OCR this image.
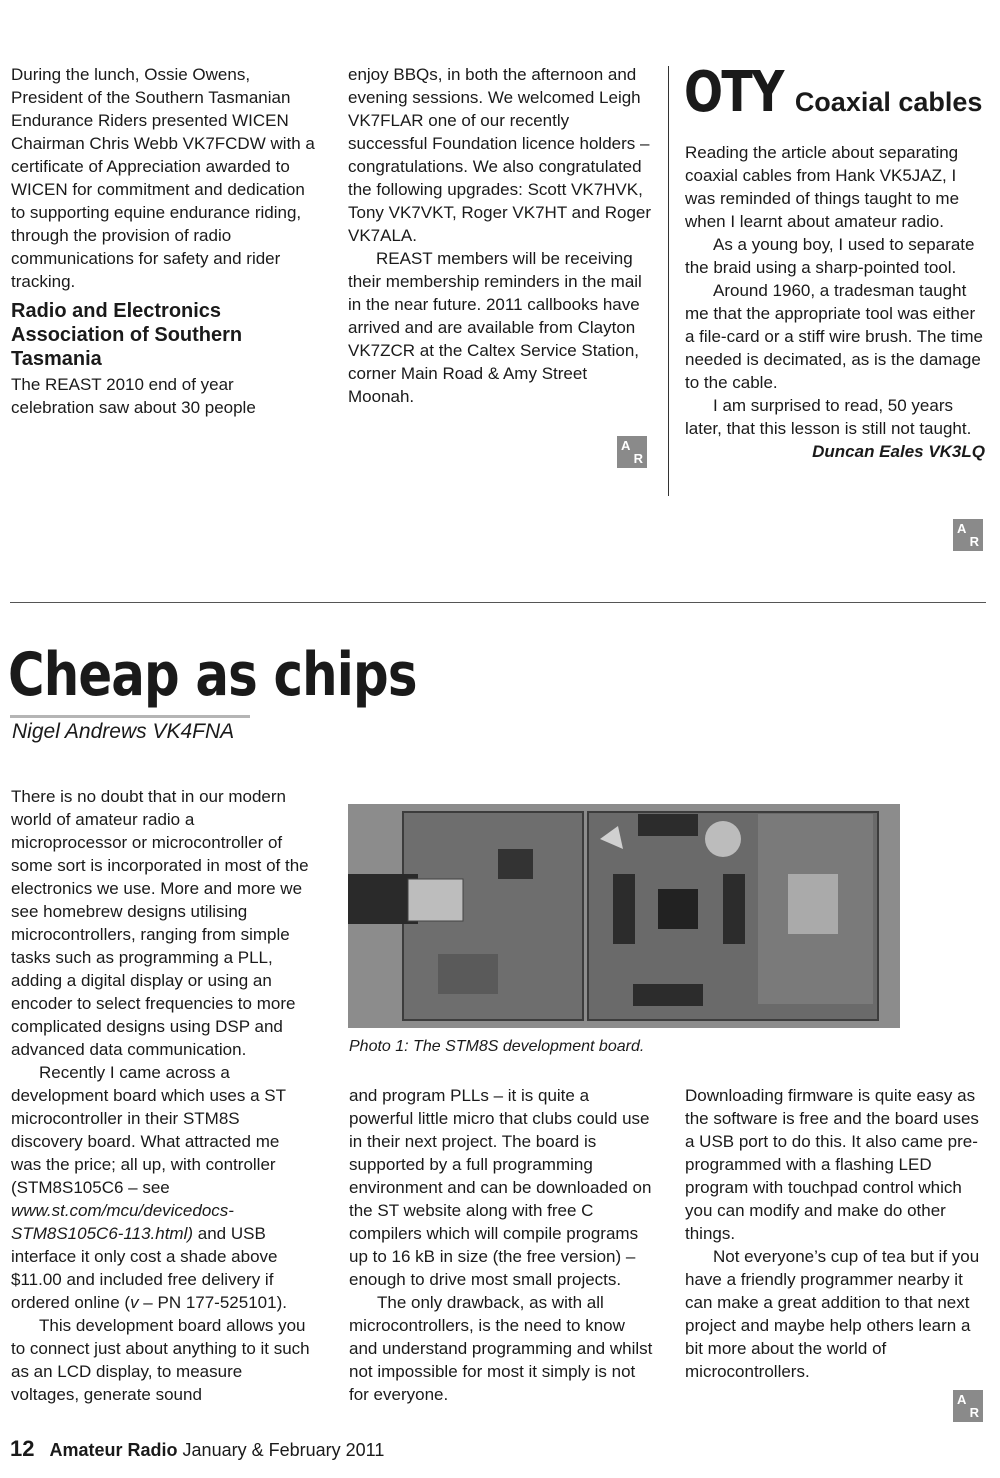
During the lunch, Ossie Owens, President of the Southern Tasmanian Endurance Riders presented WICEN Chairman Chris Webb VK7FCDW with a certificate of Appreciation awarded to WICEN for commitment and dedication to supporting equine endurance riding, through the provision of radio communications for safety and rider tracking.

Radio and Electronics Association of Southern Tasmania

The REAST 2010 end of year celebration saw about 30 people

enjoy BBQs, in both the afternoon and evening sessions. We welcomed Leigh VK7FLAR one of our recently successful Foundation licence holders – congratulations. We also congratulated the following upgrades: Scott VK7HVK, Tony VK7VKT, Roger VK7HT and Roger VK7ALA.

REAST members will be receiving their membership reminders in the mail in the near future. 2011 callbooks have arrived and are available from Clayton VK7ZCR at the Caltex Service Station, corner Main Road & Amy Street Moonah.

A
R
OTY Coaxial cables

Reading the article about separating coaxial cables from Hank VK5JAZ, I was reminded of things taught to me when I learnt about amateur radio.

As a young boy, I used to separate the braid using a sharp-pointed tool.

Around 1960, a tradesman taught me that the appropriate tool was either a file-card or a stiff wire brush. The time needed is decimated, as is the damage to the cable.

I am surprised to read, 50 years later, that this lesson is still not taught.

Duncan Eales VK3LQ

A
R
Cheap as chips
Nigel Andrews VK4FNA

There is no doubt that in our modern world of amateur radio a microprocessor or microcontroller of some sort is incorporated in most of the electronics we use. More and more we see homebrew designs utilising microcontrollers, ranging from simple tasks such as programming a PLL, adding a digital display or using an encoder to select frequencies to more complicated designs using DSP and advanced data communication.

Recently I came across a development board which uses a ST microcontroller in their STM8S discovery board. What attracted me was the price; all up, with controller (STM8S105C6 – see www.st.com/mcu/devicedocs-STM8S105C6-113.html) and USB interface it only cost a shade above $11.00 and included free delivery if ordered online (v – PN 177-525101).

This development board allows you to connect just about anything to it such as an LCD display, to measure voltages, generate sound

Photo 1: The STM8S development board.

and program PLLs – it is quite a powerful little micro that clubs could use in their next project. The board is supported by a full programming environment and can be downloaded on the ST website along with free C compilers which will compile programs up to 16 kB in size (the free version) – enough to drive most small projects.

The only drawback, as with all microcontrollers, is the need to know and understand programming and whilst not impossible for most it simply is not for everyone.

Downloading firmware is quite easy as the software is free and the board uses a USB port to do this. It also came pre-programmed with a flashing LED program with touchpad control which you can modify and make do other things.

Not everyone’s cup of tea but if you have a friendly programmer nearby it can make a great addition to that next project and maybe help others learn a bit more about the world of microcontrollers.

A
R
12 Amateur Radio January & February 2011
